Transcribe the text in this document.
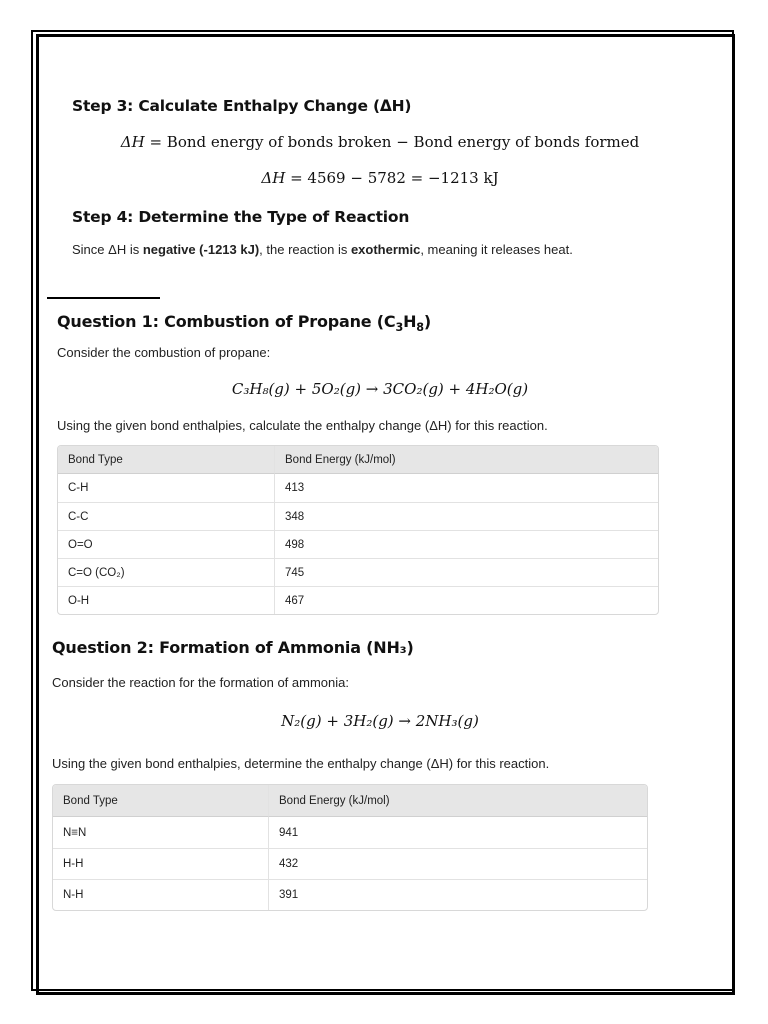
Step 3: Calculate Enthalpy Change (ΔH)
ΔH = Bond energy of bonds broken − Bond energy of bonds formed
ΔH = 4569 − 5782 = −1213 kJ
Step 4: Determine the Type of Reaction
Since ΔH is negative (-1213 kJ), the reaction is exothermic, meaning it releases heat.
Question 1: Combustion of Propane $(C_3H_8)$
Consider the combustion of propane:
C₃H₈(g) + 5O₂(g) → 3CO₂(g) + 4H₂O(g)
Using the given bond enthalpies, calculate the enthalpy change (ΔH) for this reaction.
Bond Type	Bond Energy (kJ/mol)
C-H	413
C-C	348
O=O	498
C=O (CO₂)	745
O-H	467
Question 2: Formation of Ammonia (NH₃)
Consider the reaction for the formation of ammonia:
N₂(g) + 3H₂(g) → 2NH₃(g)
Using the given bond enthalpies, determine the enthalpy change (ΔH) for this reaction.
Bond Type	Bond Energy (kJ/mol)
N≡N	941
H-H	432
N-H	391
